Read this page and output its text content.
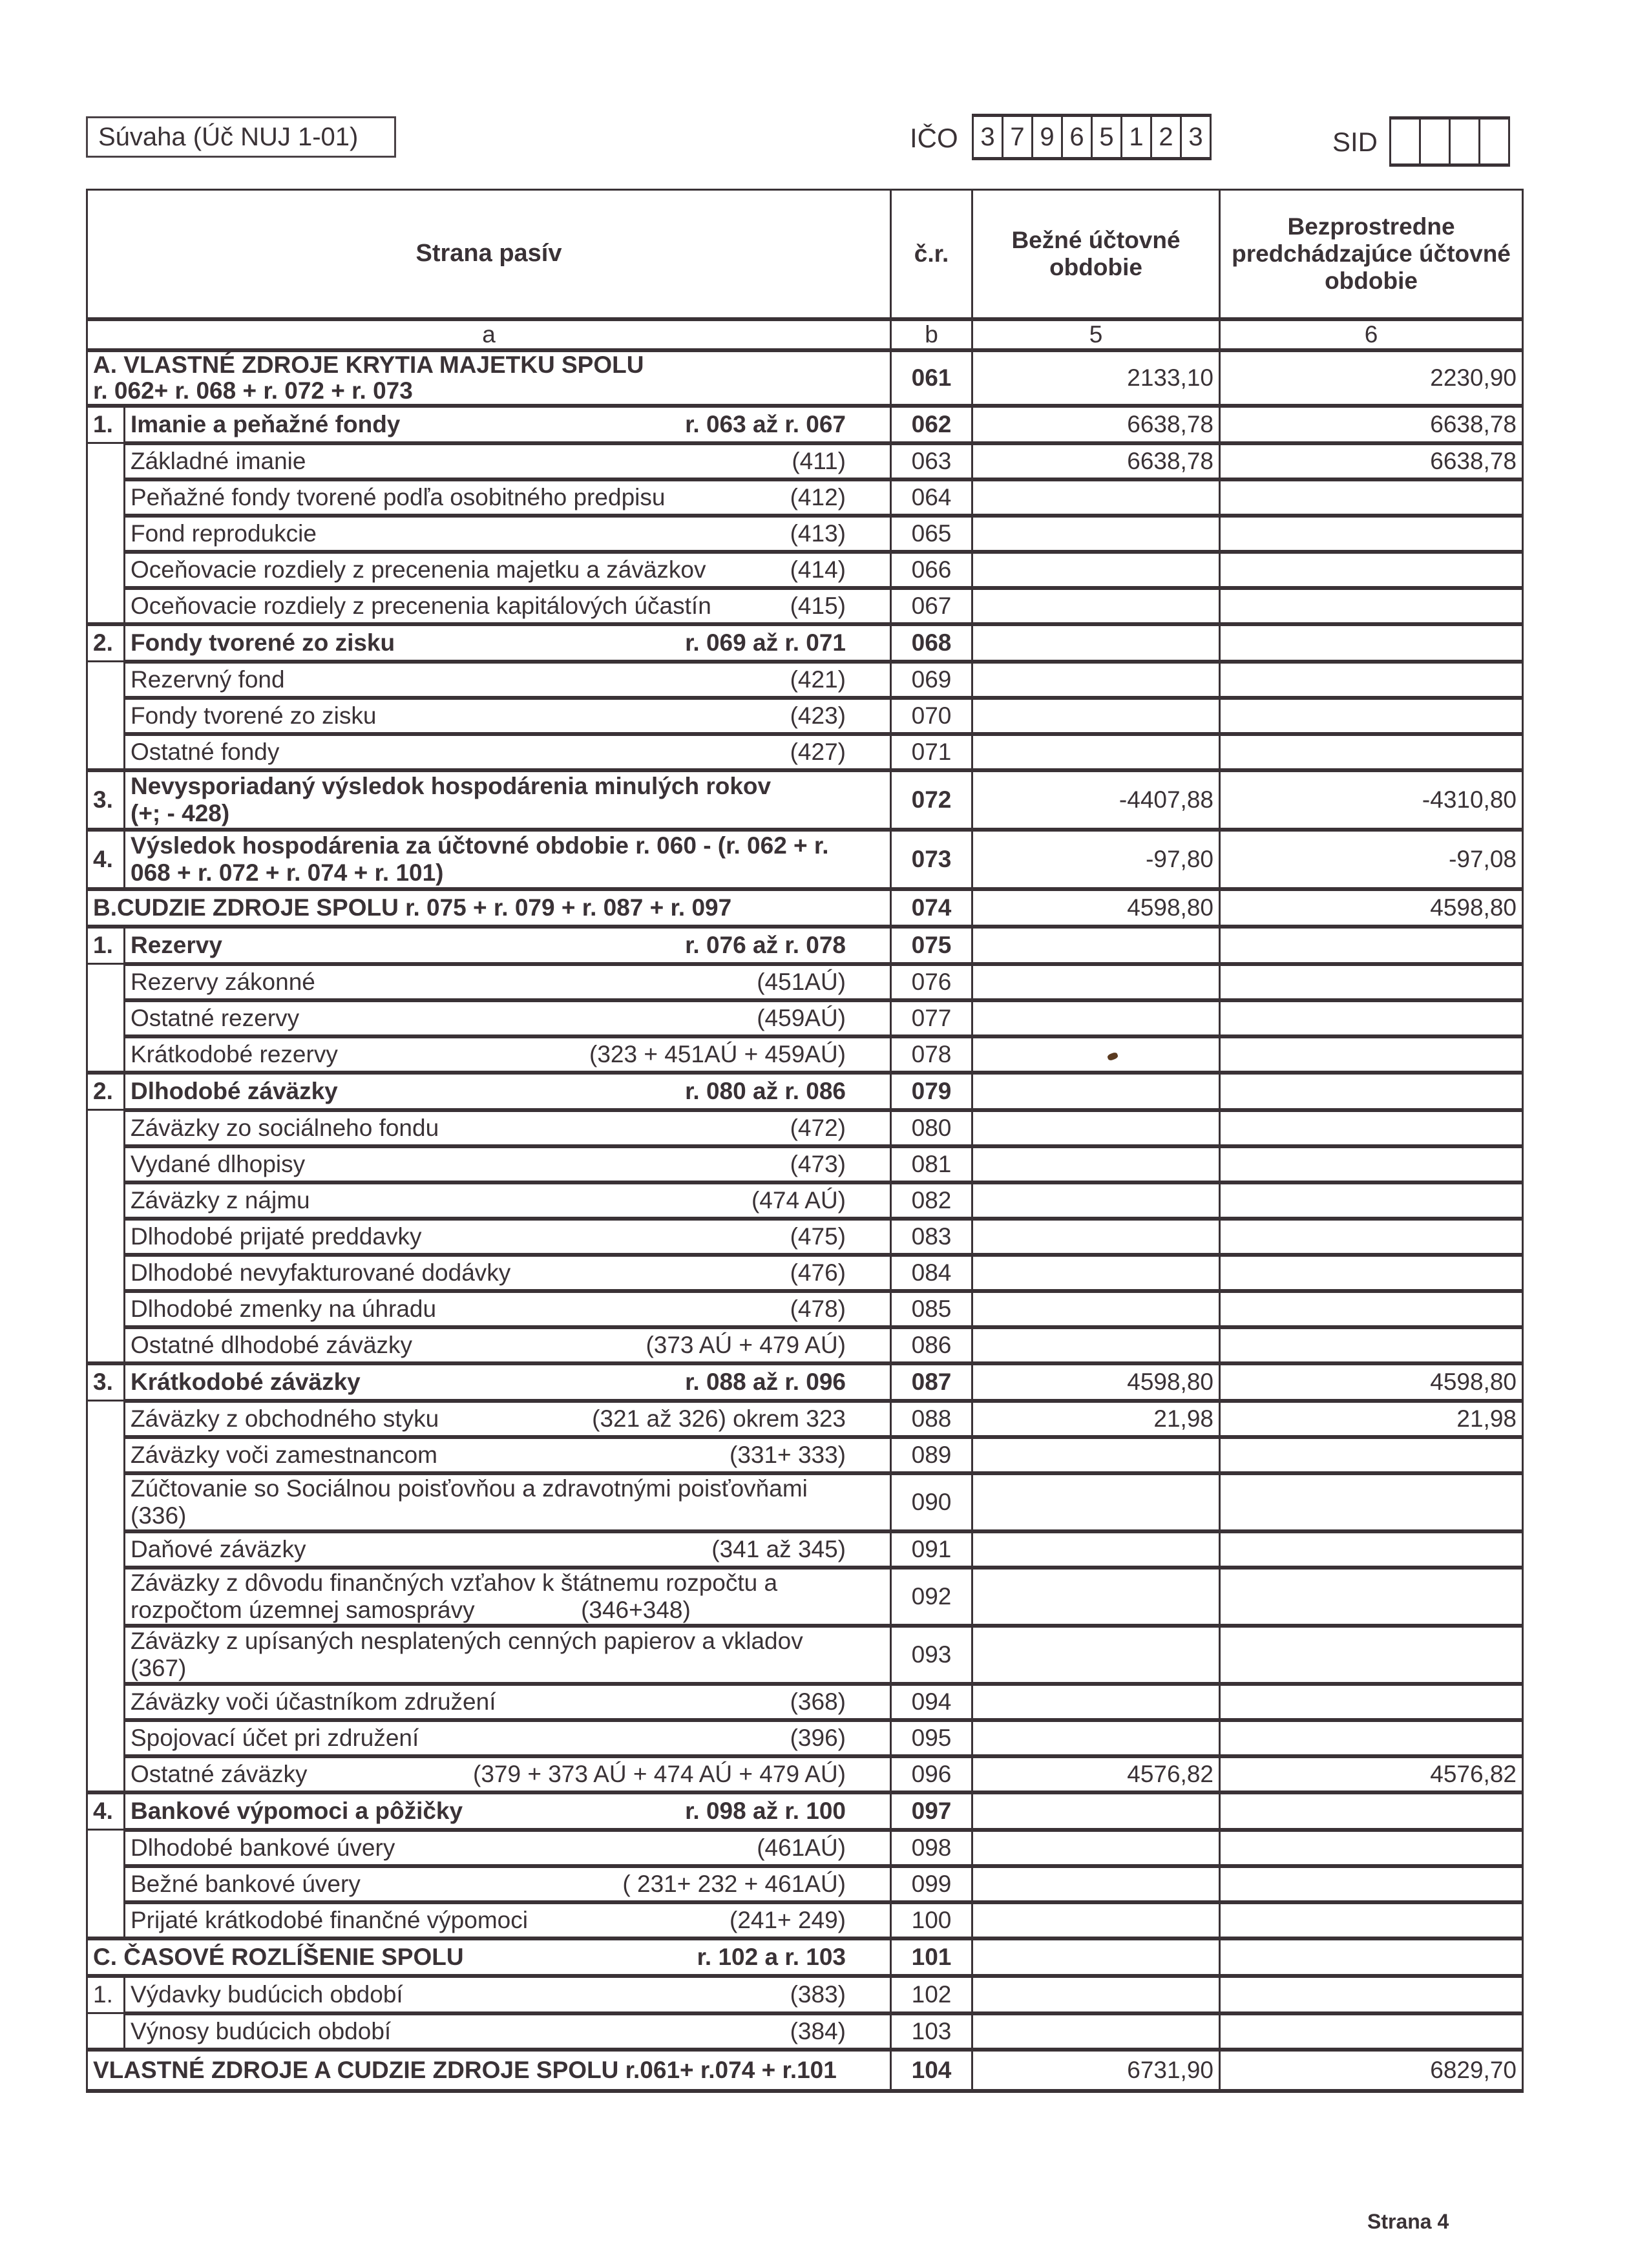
Súvaha (Úč NUJ 1-01)	IČO 3 7 9 6 5 1 2 3	SID
Strana pasív		č.r.	Bežné účtovné obdobie	Bezprostredne predchádzajúce účtovné obdobie
a		b	5	6

A. VLASTNÉ ZDROJE KRYTIA MAJETKU SPOLU
r. 062+ r. 068 + r. 072 + r. 073		061	2133,10	2230,90
1.	Imanie a peňažné fondy r. 063 až r. 067	062	6638,78	6638,78

	Základné imanie (411)	063	6638,78	6638,78

	Peňažné fondy tvorené podľa osobitného predpisu (412)	064		

	Fond reprodukcie (413)	065		

	Oceňovacie rozdiely z precenenia majetku a záväzkov (414)	066		

	Oceňovacie rozdiely z precenenia kapitálových účastín (415)	067		
2.	Fondy tvorené zo zisku r. 069 až r. 071	068		

	Rezervný fond (421)	069		

	Fondy tvorené zo zisku (423)	070		

	Ostatné fondy (427)	071		
3.	Nevysporiadaný výsledok hospodárenia minulých rokov
(+; - 428)	072	-4407,88	-4310,80
4.	Výsledok hospodárenia za účtovné obdobie r. 060 - (r. 062 + r.
068 + r. 072 + r. 074 + r. 101)	073	-97,80	-97,08

B.CUDZIE ZDROJE SPOLU r. 075 + r. 079 + r. 087 + r. 097		074	4598,80	4598,80
1.	Rezervy r. 076 až r. 078	075		

	Rezervy zákonné (451AÚ)	076		

	Ostatné rezervy (459AÚ)	077		

	Krátkodobé rezervy (323 + 451AÚ + 459AÚ)	078		
2.	Dlhodobé záväzky r. 080 až r. 086	079		

	Záväzky zo sociálneho fondu (472)	080		

	Vydané dlhopisy (473)	081		

	Záväzky z nájmu (474 AÚ)	082		

	Dlhodobé prijaté preddavky (475)	083		

	Dlhodobé nevyfakturované dodávky (476)	084		

	Dlhodobé zmenky na úhradu (478)	085		

	Ostatné dlhodobé záväzky (373 AÚ + 479 AÚ)	086		
3.	Krátkodobé záväzky r. 088 až r. 096	087	4598,80	4598,80

	Záväzky z obchodného styku (321 až 326) okrem 323	088	21,98	21,98

	Záväzky voči zamestnancom (331+ 333)	089		

	Zúčtovanie so Sociálnou poisťovňou a zdravotnými poisťovňami
(336)	090		

	Daňové záväzky (341 až 345)	091		

	Záväzky z dôvodu finančných vzťahov k štátnemu rozpočtu a
rozpočtom územnej samosprávy                (346+348)	092		

	Záväzky z upísaných nesplatených cenných papierov a vkladov
(367)	093		

	Záväzky voči účastníkom združení (368)	094		

	Spojovací účet pri združení (396)	095		

	Ostatné záväzky (379 + 373 AÚ + 474 AÚ + 479 AÚ)	096	4576,82	4576,82
4.	Bankové výpomoci a pôžičky r. 098 až r. 100	097		

	Dlhodobé bankové úvery (461AÚ)	098		

	Bežné bankové úvery ( 231+ 232 + 461AÚ)	099		

	Prijaté krátkodobé finančné výpomoci (241+ 249)	100		

C. ČASOVÉ ROZLÍŠENIE SPOLU r. 102 a r. 103		101		
1.	Výdavky budúcich období (383)	102		

	Výnosy budúcich období (384)	103		

VLASTNÉ ZDROJE A CUDZIE ZDROJE SPOLU r.061+ r.074 + r.101		104	6731,90	6829,70
Strana 4
